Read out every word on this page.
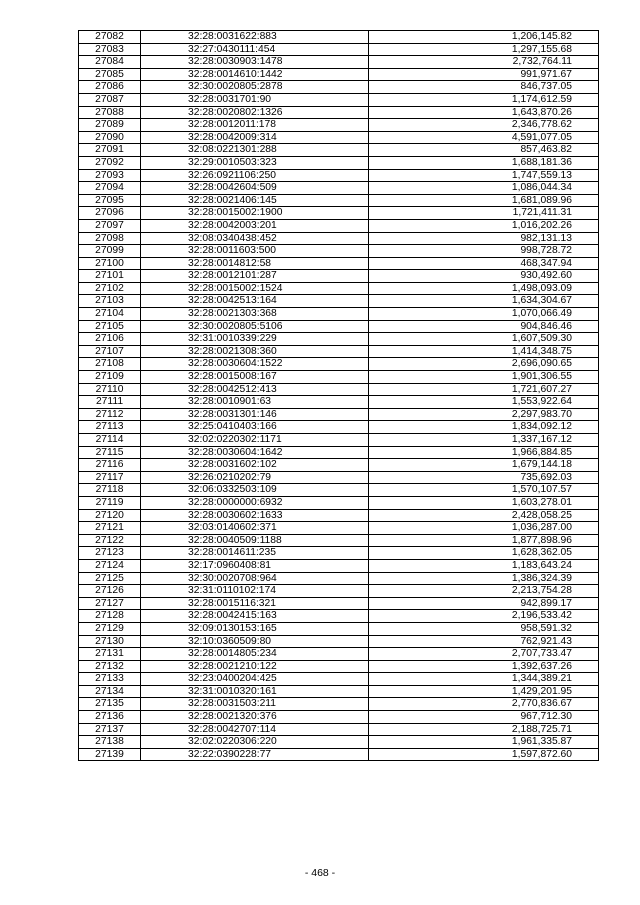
27082	32:28:0031622:883	1,206,145.82
27083	32:27:0430111:454	1,297,155.68
27084	32:28:0030903:1478	2,732,764.11
27085	32:28:0014610:1442	991,971.67
27086	32:30:0020805:2878	846,737.05
27087	32:28:0031701:90	1,174,612.59
27088	32:28:0020802:1326	1,643,870.26
27089	32:28:0012011:178	2,346,778.62
27090	32:28:0042009:314	4,591,077.05
27091	32:08:0221301:288	857,463.82
27092	32:29:0010503:323	1,688,181.36
27093	32:26:0921106:250	1,747,559.13
27094	32:28:0042604:509	1,086,044.34
27095	32:28:0021406:145	1,681,089.96
27096	32:28:0015002:1900	1,721,411.31
27097	32:28:0042003:201	1,016,202.26
27098	32:08:0340438:452	982,131.13
27099	32:28:0011603:500	998,728.72
27100	32:28:0014812:58	468,347.94
27101	32:28:0012101:287	930,492.60
27102	32:28:0015002:1524	1,498,093.09
27103	32:28:0042513:164	1,634,304.67
27104	32:28:0021303:368	1,070,066.49
27105	32:30:0020805:5106	904,846.46
27106	32:31:0010339:229	1,607,509.30
27107	32:28:0021308:360	1,414,348.75
27108	32:28:0030604:1522	2,696,090.65
27109	32:28:0015008:167	1,901,306.55
27110	32:28:0042512:413	1,721,607.27
27111	32:28:0010901:63	1,553,922.64
27112	32:28:0031301:146	2,297,983.70
27113	32:25:0410403:166	1,834,092.12
27114	32:02:0220302:1171	1,337,167.12
27115	32:28:0030604:1642	1,966,884.85
27116	32:28:0031602:102	1,679,144.18
27117	32:26:0210202:79	735,692.03
27118	32:06:0332503:109	1,570,107.57
27119	32:28:0000000:6932	1,603,278.01
27120	32:28:0030602:1633	2,428,058.25
27121	32:03:0140602:371	1,036,287.00
27122	32:28:0040509:1188	1,877,898.96
27123	32:28:0014611:235	1,628,362.05
27124	32:17:0960408:81	1,183,643.24
27125	32:30:0020708:964	1,386,324.39
27126	32:31:0110102:174	2,213,754.28
27127	32:28:0015116:321	942,899.17
27128	32:28:0042415:163	2,196,533.42
27129	32:09:0130153:165	958,591.32
27130	32:10:0360509:80	762,921.43
27131	32:28:0014805:234	2,707,733.47
27132	32:28:0021210:122	1,392,637.26
27133	32:23:0400204:425	1,344,389.21
27134	32:31:0010320:161	1,429,201.95
27135	32:28:0031503:211	2,770,836.67
27136	32:28:0021320:376	967,712.30
27137	32:28:0042707:114	2,188,725.71
27138	32:02:0220306:220	1,961,335.87
27139	32:22:0390228:77	1,597,872.60
- 468 -
